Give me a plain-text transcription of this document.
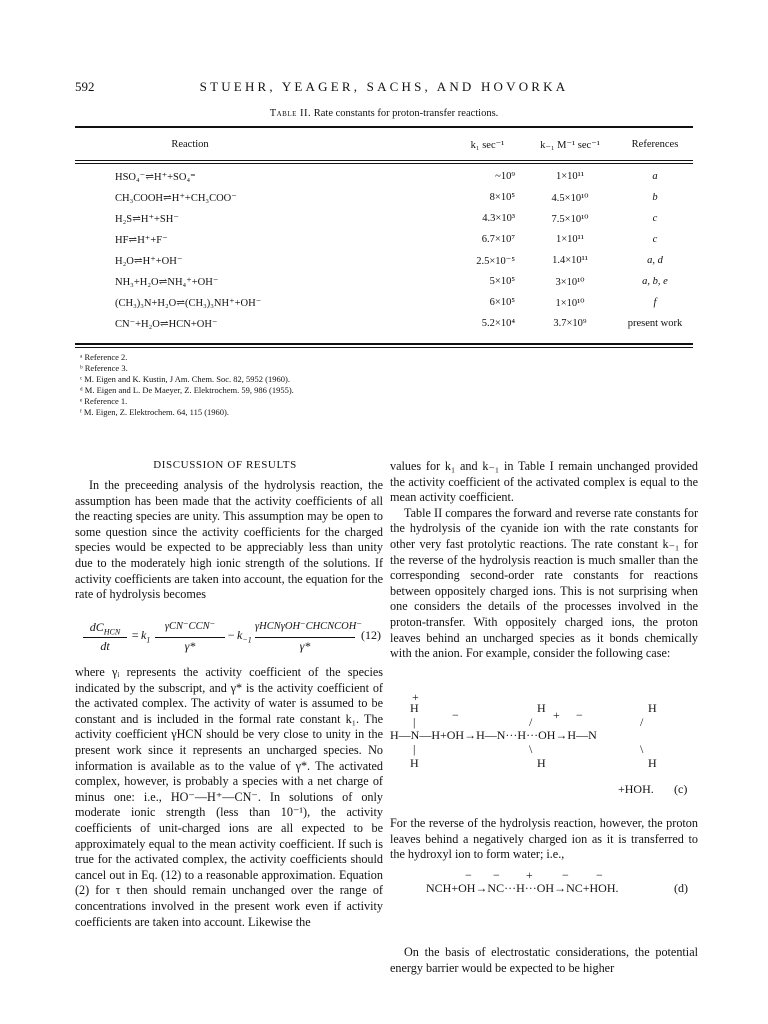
592	STUEHR, YEAGER, SACHS, AND HOVORKA
Table II. Rate constants for proton-transfer reactions.
Reaction	k₁ sec⁻¹	k₋₁ M⁻¹ sec⁻¹	References
HSO₄⁻⇌H⁺+SO₄⁼	~10⁹	1×10¹¹	a
CH₃COOH⇌H⁺+CH₃COO⁻	8×10⁵	4.5×10¹⁰	b
H₂S⇌H⁺+SH⁻	4.3×10³	7.5×10¹⁰	c
HF⇌H⁺+F⁻	6.7×10⁷	1×10¹¹	c
H₂O⇌H⁺+OH⁻	2.5×10⁻⁵	1.4×10¹¹	a, d
NH₃+H₂O⇌NH₄⁺+OH⁻	5×10⁵	3×10¹⁰	a, b, e
(CH₃)₃N+H₂O⇌(CH₃)₃NH⁺+OH⁻	6×10⁵	1×10¹⁰	f
CN⁻+H₂O⇌HCN+OH⁻	5.2×10⁴	3.7×10⁹	present work
ᵃ Reference 2.
ᵇ Reference 3.
ᶜ M. Eigen and K. Kustin, J Am. Chem. Soc. 82, 5952 (1960).
ᵈ M. Eigen and L. De Maeyer, Z. Elektrochem. 59, 986 (1955).
ᵉ Reference 1.
ᶠ M. Eigen, Z. Elektrochem. 64, 115 (1960).
DISCUSSION OF RESULTS

In the preceeding analysis of the hydrolysis reaction, the assumption has been made that the activity coefficients of all the reacting species are unity. This assumption may be open to some question since the activity coefficients for the charged species would be expected to be appreciably less than unity due to the moderately high ionic strength of the solutions. If activity coefficients are taken into account, the equation for the rate of hydrolysis becomes

$dC_{HCN}$
dt
= $k_1$
γCN⁻CCN⁻
γ*
− $k_{-1}$
γHCNγOH⁻CHCNCOH⁻
γ*
(12)

where γᵢ represents the activity coefficient of the species indicated by the subscript, and γ* is the activity coefficient of the activated complex. The activity of water is assumed to be constant and is included in the formal rate constant k₁. The activity coefficient γHCN should be very close to unity in the present work since it represents an uncharged species. No information is available as to the value of γ*. The activated complex, however, is probably a species with a net charge of minus one: i.e., HO⁻—H⁺—CN⁻. In solutions of only moderate ionic strength (less than 10⁻¹), the activity coefficients of unit-charged ions are all expected to be approximately equal to the mean activity coefficient. If such is true for the activated complex, the activity coefficients should cancel out in Eq. (12) to a reasonable approximation. Equation (2) for τ then should remain unchanged over the range of concentrations involved in the present work even if activity coefficients are taken into account. Likewise the

values for k₁ and k₋₁ in Table I remain unchanged provided the activity coefficient of the activated complex is equal to the mean activity coefficient.

Table II compares the forward and reverse rate constants for the hydrolysis of the cyanide ion with the rate constants for other very fast protolytic reactions. The rate constant k₋₁ for the reverse of the hydrolysis reaction is much smaller than the corresponding second-order rate constants for reactions between oppositely charged ions. This is not surprising when one considers the details of the processes involved in the proton-transfer. With oppositely charged ions, the proton leaves behind an uncharged species as it bonds chemically with the anion. For example, consider the following case:

+
H	H	H
−	+ −
|	/	/
H—N—H+OH→H—N···H···OH→H—N
|	\	\
H	H	H
+HOH. (c)

For the reverse of the hydrolysis reaction, however, the proton leaves behind a negatively charged ion as it is transferred to the hydroxyl ion to form water; i.e.,

− − + − −
NCH+OH→NC···H···OH→NC+HOH.	(d)

On the basis of electrostatic considerations, the potential energy barrier would be expected to be higher
